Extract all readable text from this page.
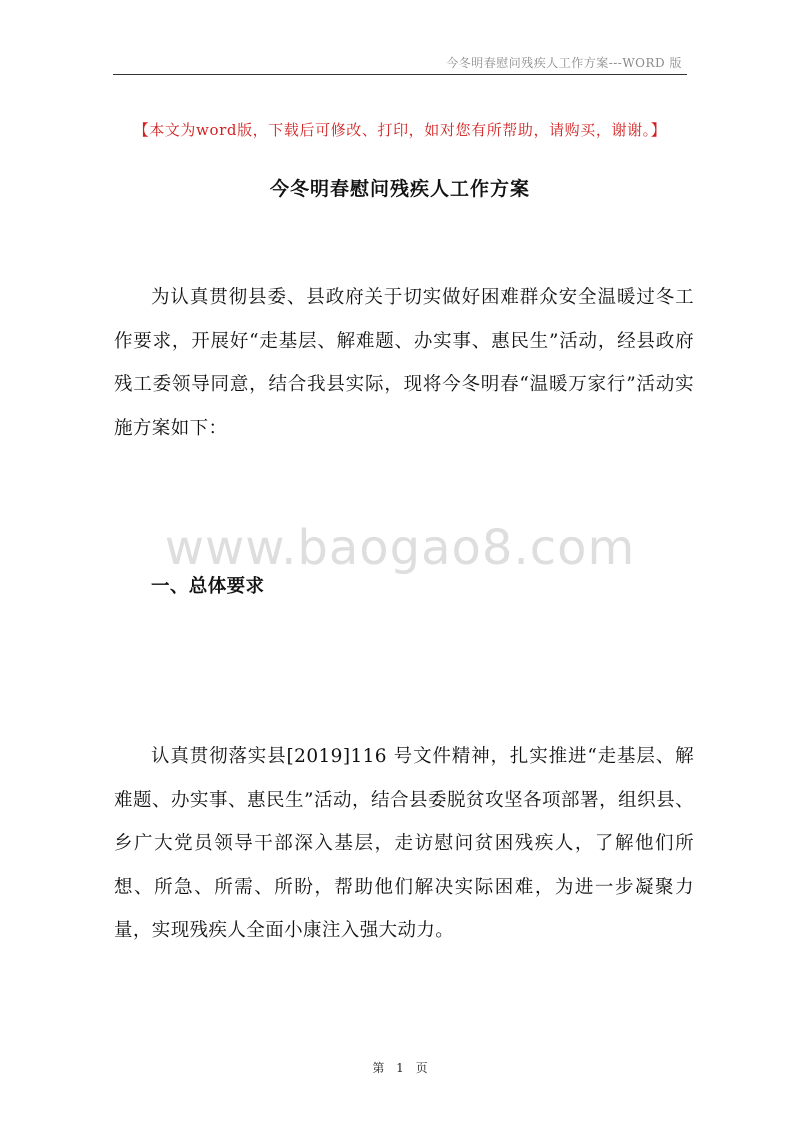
今冬明春慰问残疾人工作方案---WORD 版
【本文为word版，下载后可修改、打印，如对您有所帮助，请购买，谢谢。】
今冬明春慰问残疾人工作方案

为认真贯彻县委、县政府关于切实做好困难群众安全温暖过冬工作要求，开展好“走基层、解难题、办实事、惠民生”活动，经县政府残工委领导同意，结合我县实际，现将今冬明春“温暖万家行”活动实施方案如下：

www.baogao8.com
一、总体要求

认真贯彻落实县[2019]116 号文件精神，扎实推进“走基层、解难题、办实事、惠民生”活动，结合县委脱贫攻坚各项部署，组织县、乡广大党员领导干部深入基层，走访慰问贫困残疾人，了解他们所想、所急、所需、所盼，帮助他们解决实际困难，为进一步凝聚力量，实现残疾人全面小康注入强大动力。

第 1 页
